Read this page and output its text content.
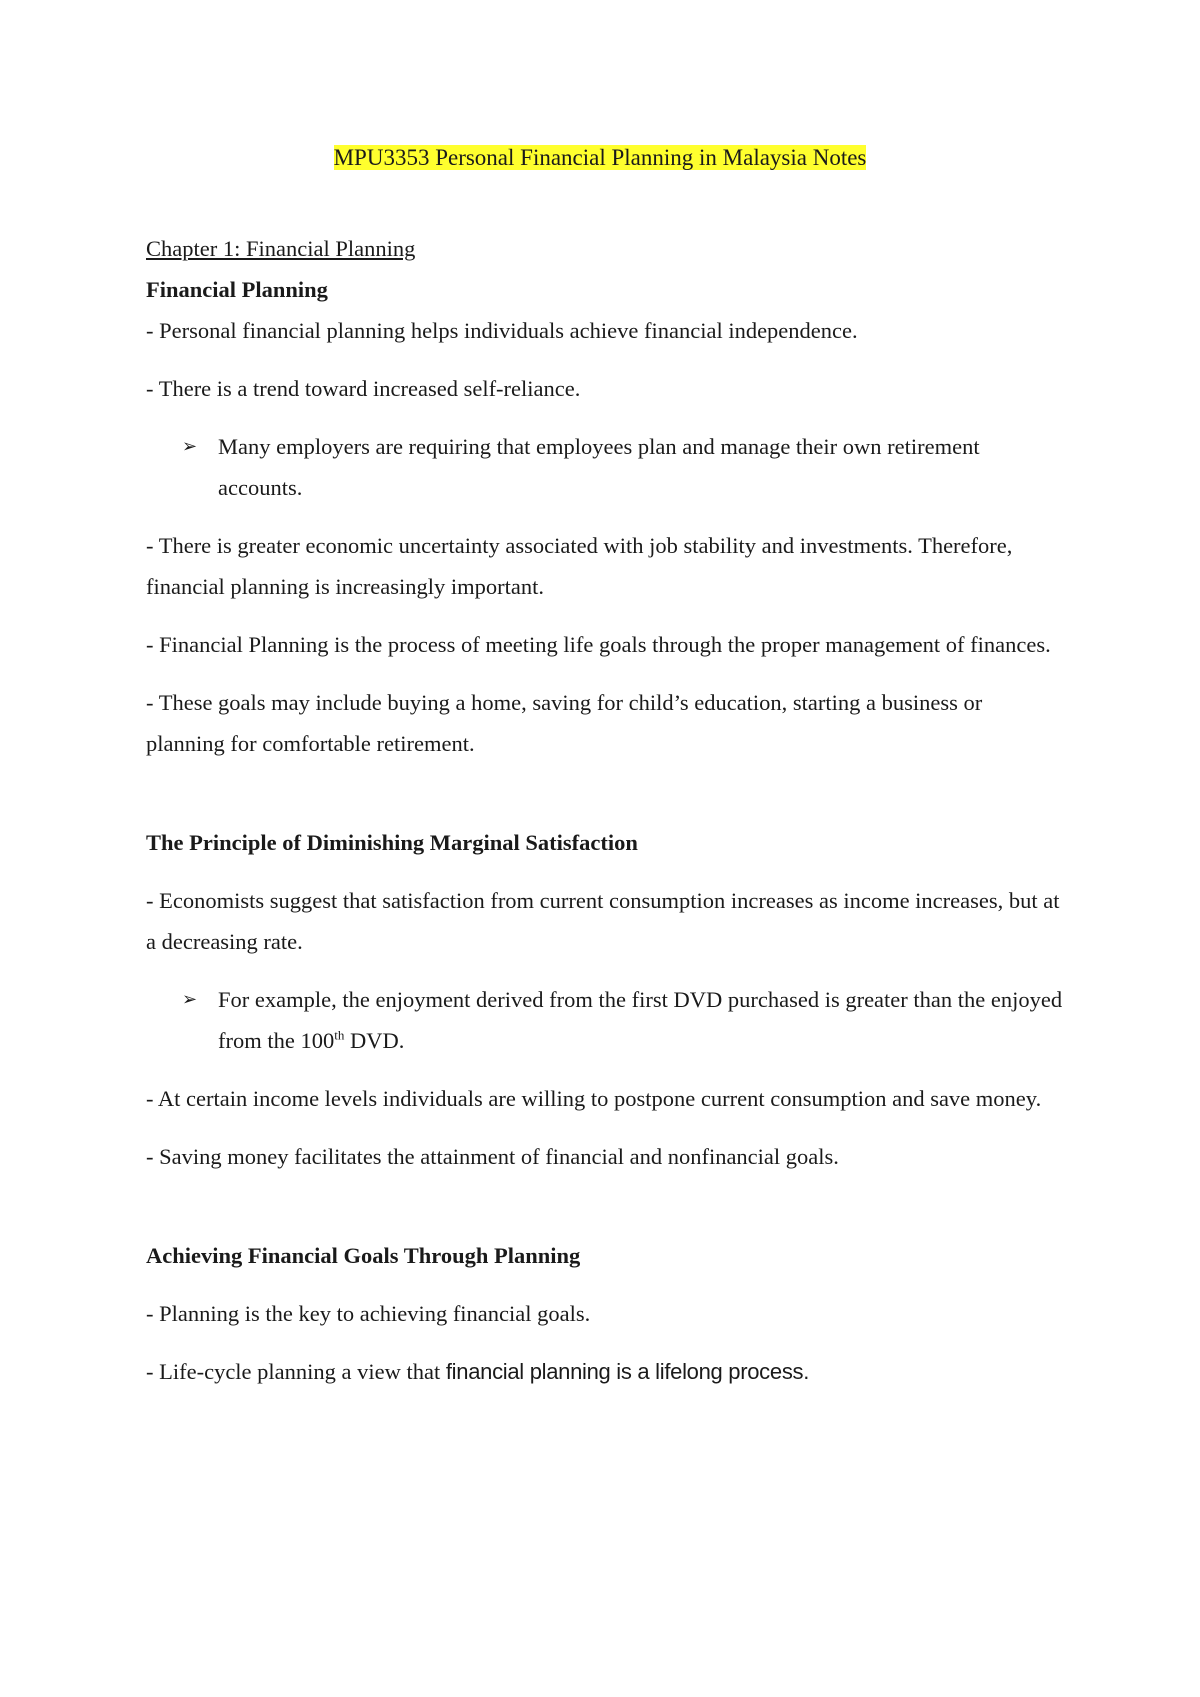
MPU3353 Personal Financial Planning in Malaysia Notes
Chapter 1: Financial Planning
Financial Planning

- Personal financial planning helps individuals achieve financial independence.

- There is a trend toward increased self-reliance.

➢ Many employers are requiring that employees plan and manage their own retirement accounts.

- There is greater economic uncertainty associated with job stability and investments. Therefore, financial planning is increasingly important.

- Financial Planning is the process of meeting life goals through the proper management of finances.

- These goals may include buying a home, saving for child’s education, starting a business or planning for comfortable retirement.

The Principle of Diminishing Marginal Satisfaction

- Economists suggest that satisfaction from current consumption increases as income increases, but at a decreasing rate.

➢ For example, the enjoyment derived from the first DVD purchased is greater than the enjoyed from the 100th DVD.

- At certain income levels individuals are willing to postpone current consumption and save money.

- Saving money facilitates the attainment of financial and nonfinancial goals.

Achieving Financial Goals Through Planning

- Planning is the key to achieving financial goals.

- Life-cycle planning a view that financial planning is a lifelong process.
